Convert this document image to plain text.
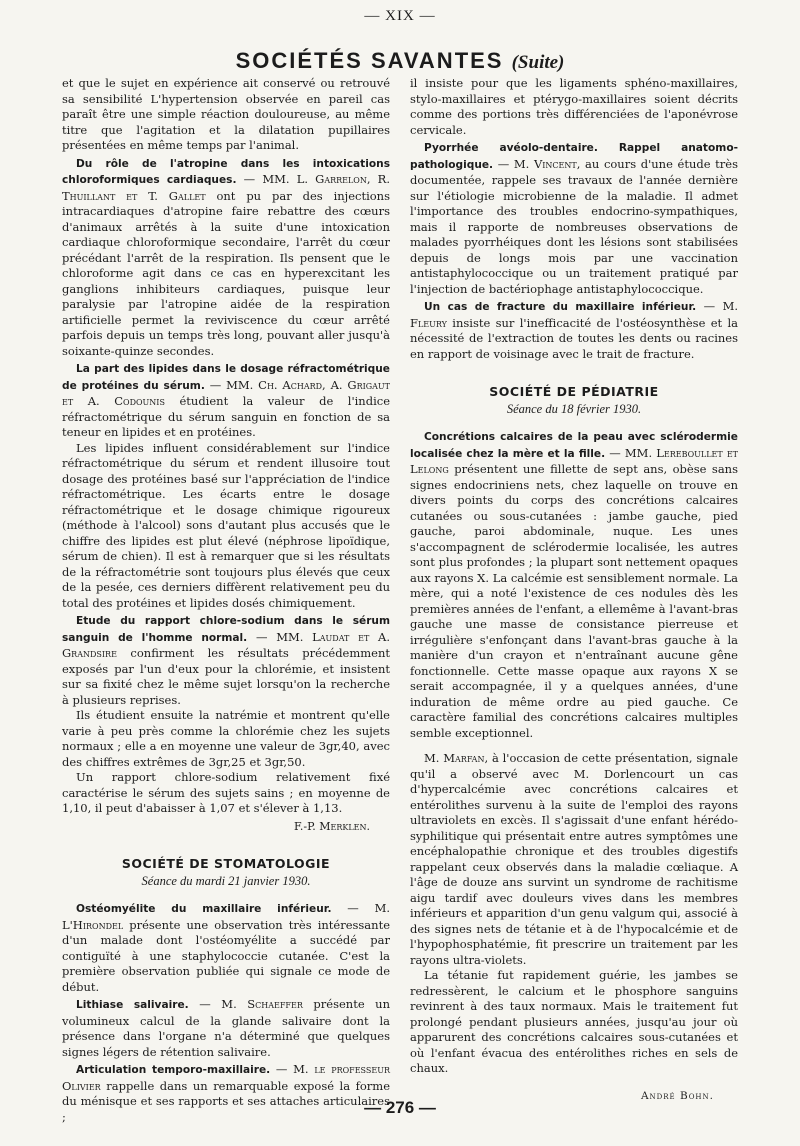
— XIX —
SOCIÉTÉS SAVANTES (Suite)

et que le sujet en expérience ait conservé ou retrouvé sa sensibilité L'hypertension observée en pareil cas paraît être une simple réaction douloureuse, au même titre que l'agitation et la dilatation pupillaires présentées en même temps par l'animal.

Du rôle de l'atropine dans les intoxications chloroformiques cardiaques. — MM. L. Garrelon, R. Thuillant et T. Gallet ont pu par des injections intracardiaques d'atropine faire rebattre des cœurs d'animaux arrêtés à la suite d'une intoxication cardiaque chloroformique secondaire, l'arrêt du cœur précédant l'arrêt de la respiration. Ils pensent que le chloroforme agit dans ce cas en hyperexcitant les ganglions inhibiteurs cardiaques, puisque leur paralysie par l'atropine aidée de la respiration artificielle permet la reviviscence du cœur arrêté parfois depuis un temps très long, pouvant aller jusqu'à soixante-quinze secondes.

La part des lipides dans le dosage réfractométrique de protéines du sérum. — MM. Ch. Achard, A. Grigaut et A. Codounis étudient la valeur de l'indice réfractométrique du sérum sanguin en fonction de sa teneur en lipides et en protéines.

Les lipides influent considérablement sur l'indice réfractométrique du sérum et rendent illusoire tout dosage des protéines basé sur l'appréciation de l'indice réfractométrique. Les écarts entre le dosage réfractométrique et le dosage chimique rigoureux (méthode à l'alcool) sons d'autant plus accusés que le chiffre des lipides est plut élevé (néphrose lipoïdique, sérum de chien). Il est à remarquer que si les résultats de la réfractométrie sont toujours plus élevés que ceux de la pesée, ces derniers diffèrent relativement peu du total des protéines et lipides dosés chimiquement.

Etude du rapport chlore-sodium dans le sérum sanguin de l'homme normal. — MM. Laudat et A. Grandsire confirment les résultats précédemment exposés par l'un d'eux pour la chlorémie, et insistent sur sa fixité chez le même sujet lorsqu'on la recherche à plusieurs reprises.

Ils étudient ensuite la natrémie et montrent qu'elle varie à peu près comme la chlorémie chez les sujets normaux ; elle a en moyenne une valeur de 3gr,40, avec des chiffres extrêmes de 3gr,25 et 3gr,50.

Un rapport chlore-sodium relativement fixé caractérise le sérum des sujets sains ; en moyenne de 1,10, il peut d'abaisser à 1,07 et s'élever à 1,13.

F.-P. Merklen.
SOCIÉTÉ DE STOMATOLOGIE
Séance du mardi 21 janvier 1930.

Ostéomyélite du maxillaire inférieur. — M. L'Hirondel présente une observation très intéressante d'un malade dont l'ostéomyélite a succédé par contiguïté à une staphylococcie cutanée. C'est la première observation publiée qui signale ce mode de début.

Lithiase salivaire. — M. Schaeffer présente un volumineux calcul de la glande salivaire dont la présence dans l'organe n'a déterminé que quelques signes légers de rétention salivaire.

Articulation temporo-maxillaire. — M. le professeur Olivier rappelle dans un remarquable exposé la forme du ménisque et ses rapports et ses attaches articulaires ;

il insiste pour que les ligaments sphéno-maxillaires, stylo-maxillaires et ptérygo-maxillaires soient décrits comme des portions très différenciées de l'aponévrose cervicale.

Pyorrhée avéolo-dentaire. Rappel anatomo-pathologique. — M. Vincent, au cours d'une étude très documentée, rappele ses travaux de l'année dernière sur l'étiologie microbienne de la maladie. Il admet l'importance des troubles endocrino-sympathiques, mais il rapporte de nombreuses observations de malades pyorrhéiques dont les lésions sont stabilisées depuis de longs mois par une vaccination antistaphylococcique ou un traitement pratiqué par l'injection de bactériophage antistaphylococcique.

Un cas de fracture du maxillaire inférieur. — M. Fleury insiste sur l'inefficacité de l'ostéosynthèse et la nécessité de l'extraction de toutes les dents ou racines en rapport de voisinage avec le trait de fracture.

SOCIÉTÉ DE PÉDIATRIE
Séance du 18 février 1930.

Concrétions calcaires de la peau avec sclérodermie localisée chez la mère et la fille. — MM. Lereboullet et Lelong présentent une fillette de sept ans, obèse sans signes endocriniens nets, chez laquelle on trouve en divers points du corps des concrétions calcaires cutanées ou sous-cutanées : jambe gauche, pied gauche, paroi abdominale, nuque. Les unes s'accompagnent de sclérodermie localisée, les autres sont plus profondes ; la plupart sont nettement opaques aux rayons X. La calcémie est sensiblement normale. La mère, qui a noté l'existence de ces nodules dès les premières années de l'enfant, a ellemême à l'avant-bras gauche une masse de consistance pierreuse et irrégulière s'enfonçant dans l'avant-bras gauche à la manière d'un crayon et n'entraînant aucune gêne fonctionnelle. Cette masse opaque aux rayons X se serait accompagnée, il y a quelques années, d'une induration de même ordre au pied gauche. Ce caractère familial des concrétions calcaires multiples semble exceptionnel.

M. Marfan, à l'occasion de cette présentation, signale qu'il a observé avec M. Dorlencourt un cas d'hypercalcémie avec concrétions calcaires et entérolithes survenu à la suite de l'emploi des rayons ultraviolets en excès. Il s'agissait d'une enfant hérédo-syphilitique qui présentait entre autres symptômes une encéphalopathie chronique et des troubles digestifs rappelant ceux observés dans la maladie cœliaque. A l'âge de douze ans survint un syndrome de rachitisme aigu tardif avec douleurs vives dans les membres inférieurs et apparition d'un genu valgum qui, associé à des signes nets de tétanie et à de l'hypocalcémie et de l'hypophosphatémie, fit prescrire un traitement par les rayons ultra-violets.

La tétanie fut rapidement guérie, les jambes se redressèrent, le calcium et le phosphore sanguins revinrent à des taux normaux. Mais le traitement fut prolongé pendant plusieurs années, jusqu'au jour où apparurent des concrétions calcaires sous-cutanées et où l'enfant évacua des entérolithes riches en sels de chaux.

André Bohn.
— 276 —
